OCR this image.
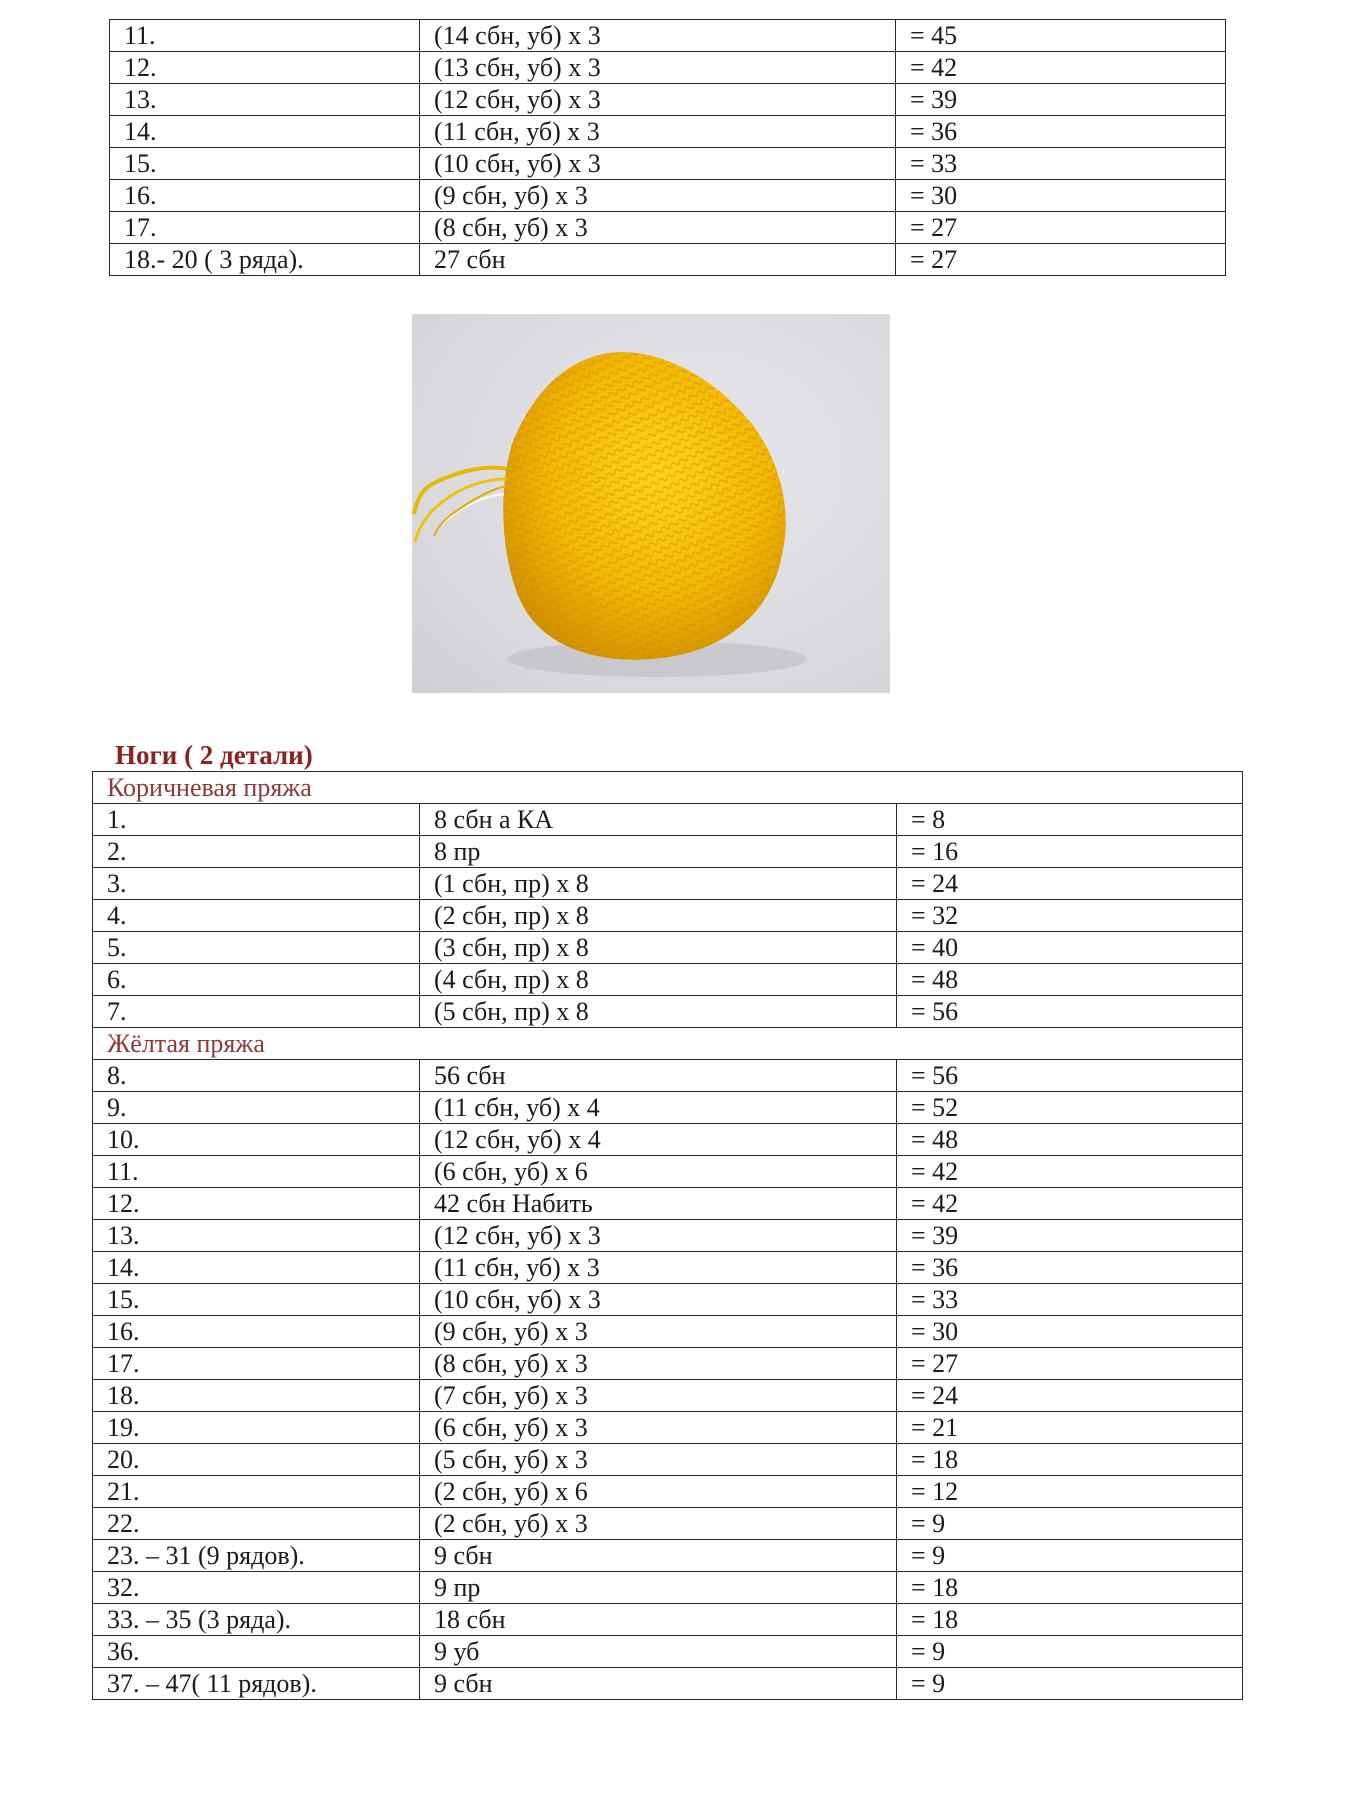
11.	(14 сбн, уб) х 3	= 45
12.	(13 сбн, уб) х 3	= 42
13.	(12 сбн, уб) х 3	= 39
14.	(11 сбн, уб) х 3	= 36
15.	(10 сбн, уб) х 3	= 33
16.	(9 сбн, уб) х 3	= 30
17.	(8 сбн, уб) х 3	= 27
18.- 20 ( 3 ряда).	27 сбн	= 27
Ноги ( 2 детали)
Коричневая пряжа		
1.	8 сбн а КА	= 8
2.	8 пр	= 16
3.	(1 сбн, пр) х 8	= 24
4.	(2 сбн, пр) х 8	= 32
5.	(3 сбн, пр) х 8	= 40
6.	(4 сбн, пр) х 8	= 48
7.	(5 сбн, пр) х 8	= 56
Жёлтая пряжа		
8.	56 сбн	= 56
9.	(11 сбн, уб) х 4	= 52
10.	(12 сбн, уб) х 4	= 48
11.	(6 сбн, уб) х 6	= 42
12.	42 сбн Набить	= 42
13.	(12 сбн, уб) х 3	= 39
14.	(11 сбн, уб) х 3	= 36
15.	(10 сбн, уб) х 3	= 33
16.	(9 сбн, уб) х 3	= 30
17.	(8 сбн, уб) х 3	= 27
18.	(7 сбн, уб) х 3	= 24
19.	(6 сбн, уб) х 3	= 21
20.	(5 сбн, уб) х 3	= 18
21.	(2 сбн, уб) х 6	= 12
22.	(2 сбн, уб) х 3	= 9
23. – 31 (9 рядов).	9 сбн	= 9
32.	9 пр	= 18
33. – 35 (3 ряда).	18 сбн	= 18
36.	9 уб	= 9
37. – 47( 11 рядов).	9 сбн	= 9
